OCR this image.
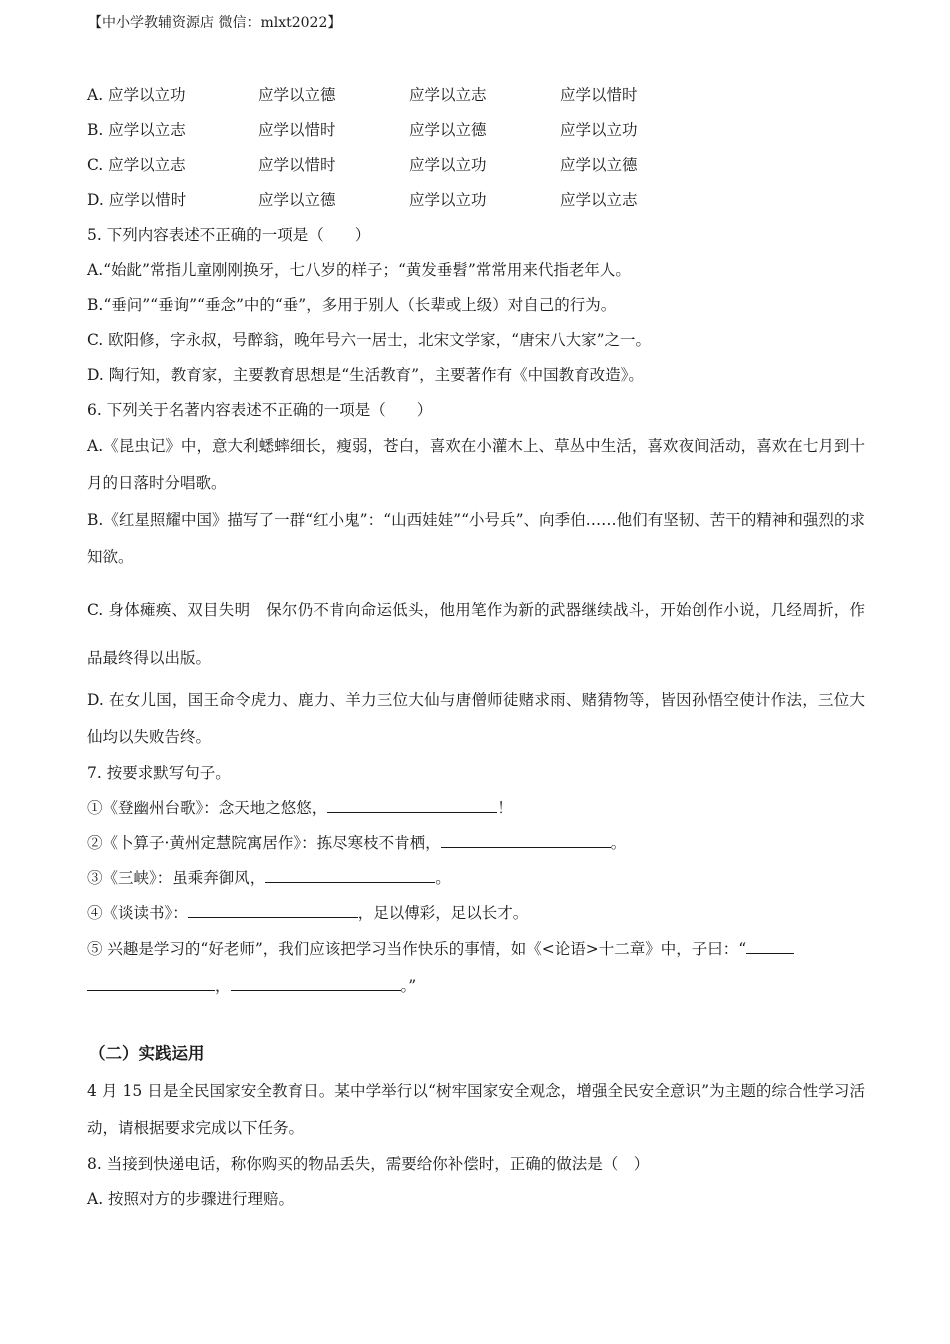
【中小学教辅资源店 微信：mlxt2022】
A. 应学以立功	应学以立德	应学以立志	应学以惜时
B. 应学以立志	应学以惜时	应学以立德	应学以立功
C. 应学以立志	应学以惜时	应学以立功	应学以立德
D. 应学以惜时	应学以立德	应学以立功	应学以立志
5. 下列内容表述不正确的一项是（　　）
A.“始龀”常指儿童刚刚换牙，七八岁的样子；“黄发垂髫”常常用来代指老年人。
B.“垂问”“垂询”“垂念”中的“垂”，多用于别人（长辈或上级）对自己的行为。
C. 欧阳修，字永叔，号醉翁，晚年号六一居士，北宋文学家，“唐宋八大家”之一。
D. 陶行知，教育家，主要教育思想是“生活教育”，主要著作有《中国教育改造》。
6. 下列关于名著内容表述不正确的一项是（　　）
A.《昆虫记》中，意大利蟋蟀细长，瘦弱，苍白，喜欢在小灌木上、草丛中生活，喜欢夜间活动，喜欢在七月到十月的日落时分唱歌。
B.《红星照耀中国》描写了一群“红小鬼”：“山西娃娃”“小号兵”、向季伯……他们有坚韧、苦干的精神和强烈的求知欲。
C. 身体瘫痪、双目失明　保尔仍不肯向命运低头，他用笔作为新的武器继续战斗，开始创作小说，几经周折，作品最终得以出版。
D. 在女儿国，国王命令虎力、鹿力、羊力三位大仙与唐僧师徒赌求雨、赌猜物等，皆因孙悟空使计作法，三位大仙均以失败告终。
7. 按要求默写句子。
①《登幽州台歌》：念天地之悠悠，	！
②《卜算子·黄州定慧院寓居作》：拣尽寒枝不肯栖，	。
③《三峡》：虽乘奔御风，	。
④《谈读书》：	，足以傅彩，足以长才。
⑤ 兴趣是学习的“好老师”，我们应该把学习当作快乐的事情，如《<论语>十二章》中，子曰：“
，	。”
（二）实践运用
4 月 15 日是全民国家安全教育日。某中学举行以“树牢国家安全观念，增强全民安全意识”为主题的综合性学习活动，请根据要求完成以下任务。
8. 当接到快递电话，称你购买的物品丢失，需要给你补偿时，正确的做法是（　）
A. 按照对方的步骤进行理赔。
